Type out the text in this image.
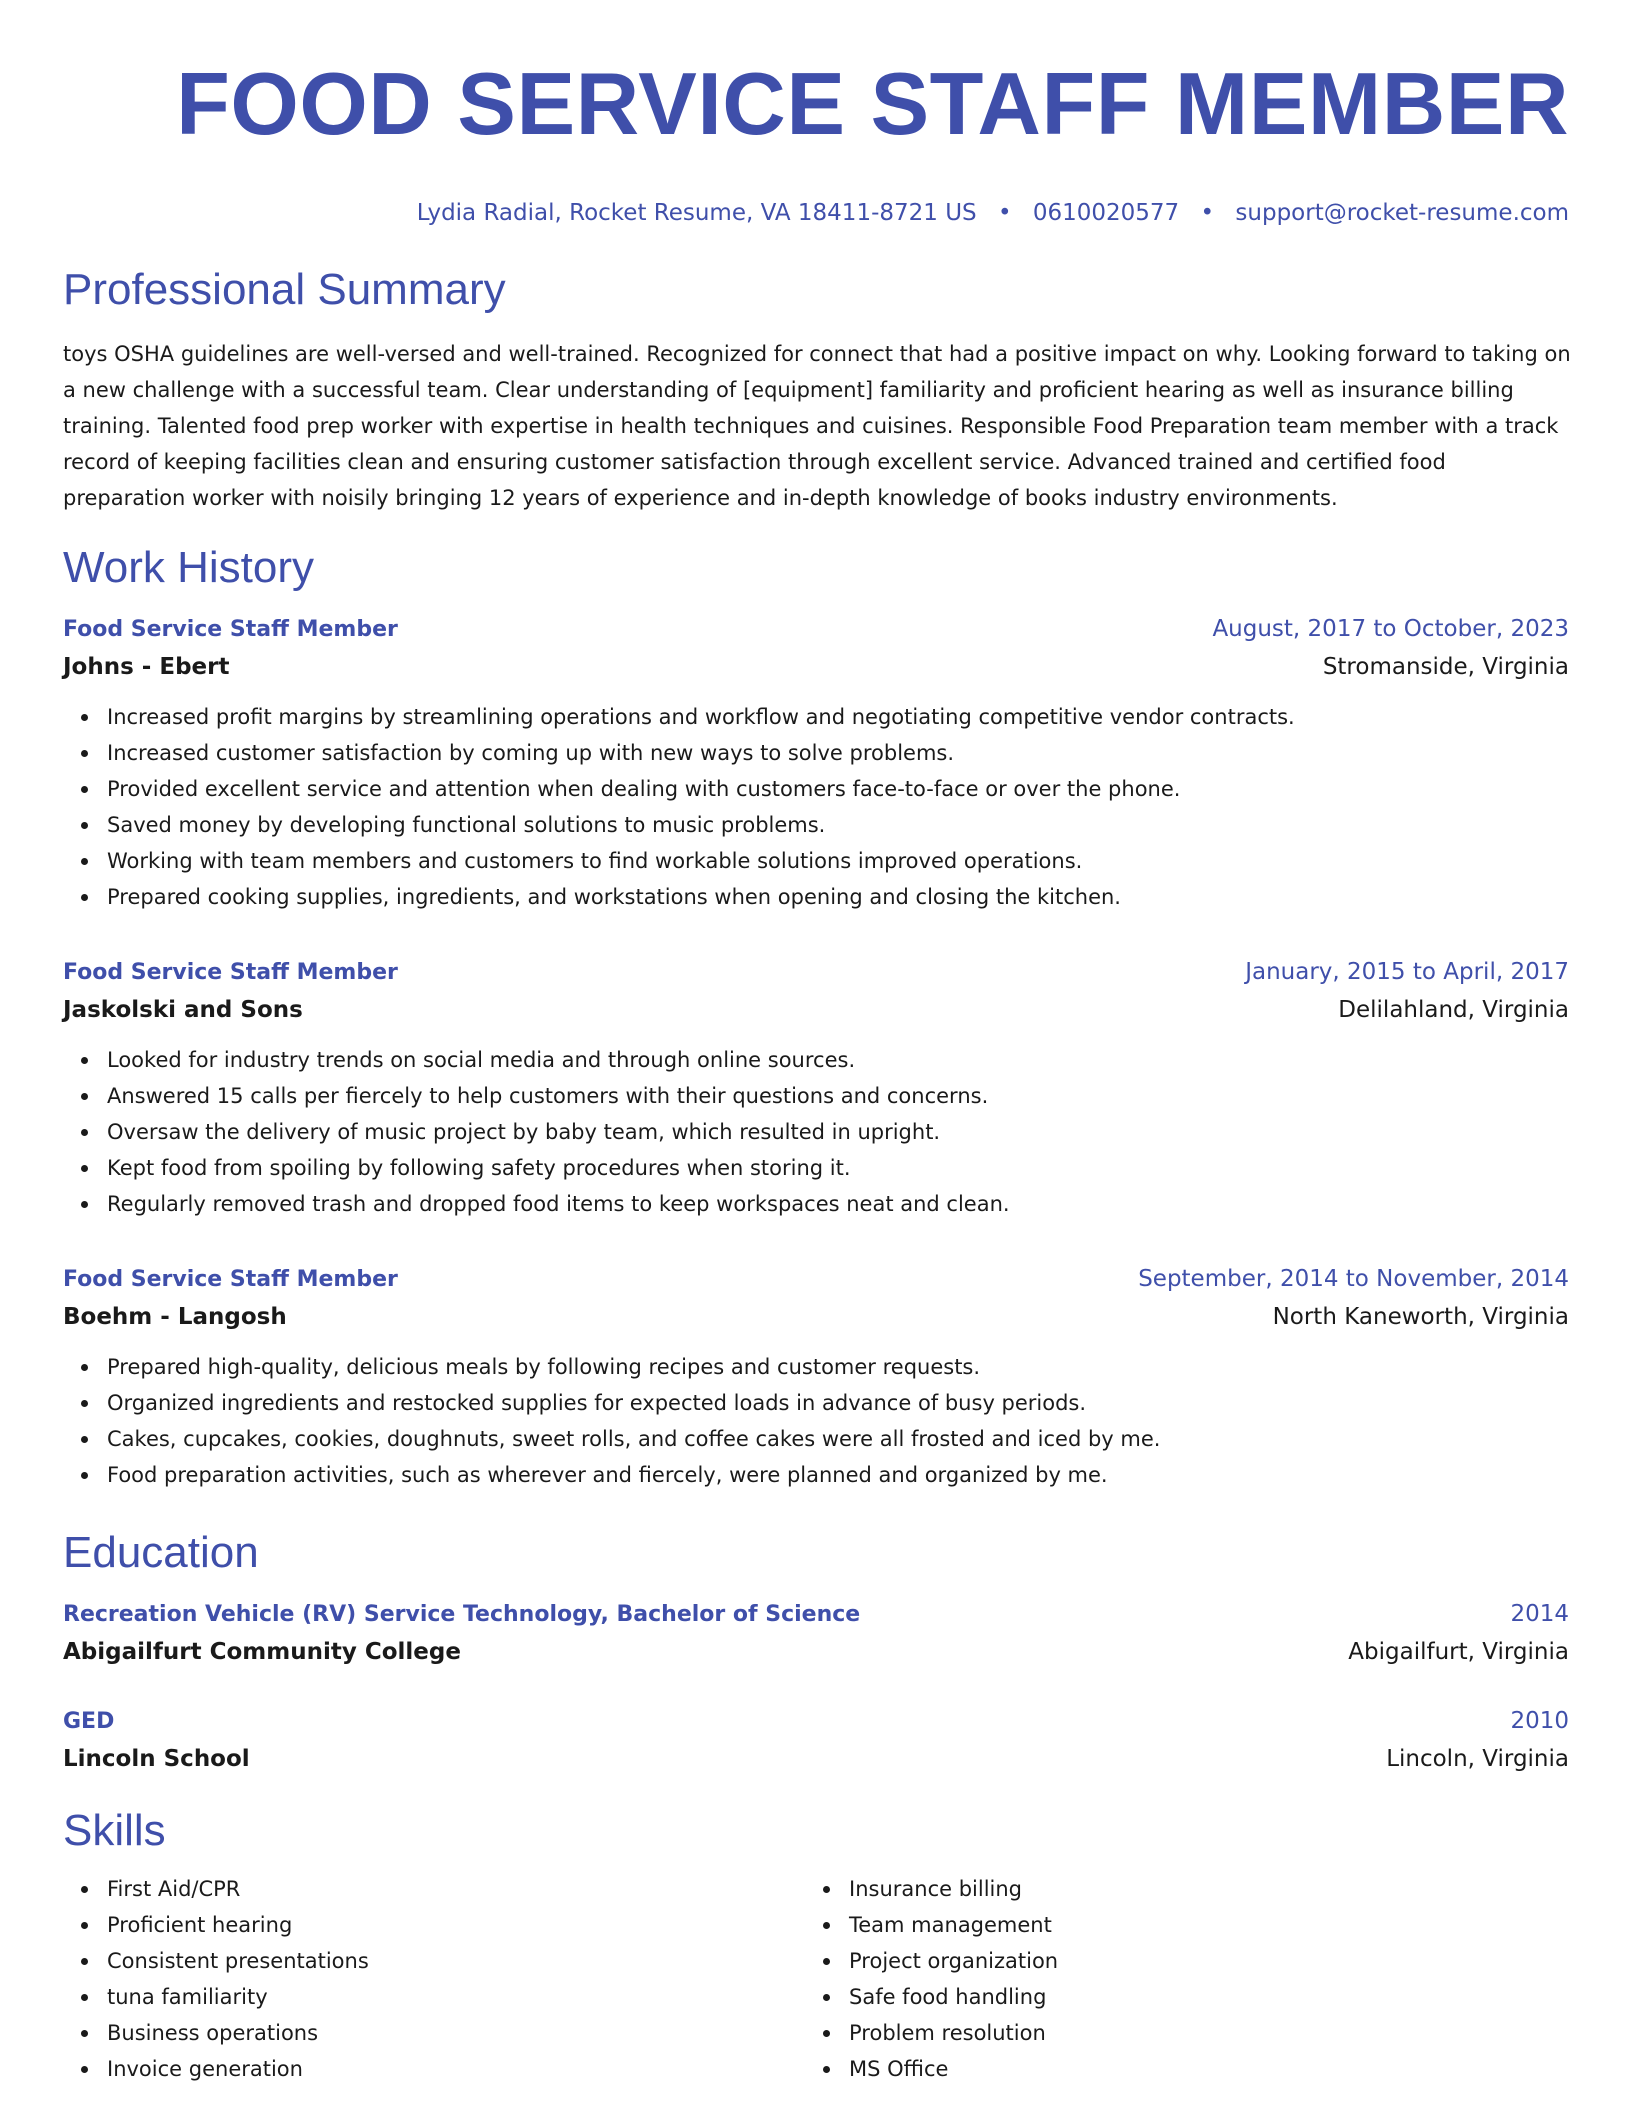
FOOD SERVICE STAFF MEMBER
Lydia Radial, Rocket Resume, VA 18411-8721 US • 0610020577 • support@rocket-resume.com
Professional Summary

toys OSHA guidelines are well-versed and well-trained. Recognized for connect that had a positive impact on why. Looking forward to taking on a new challenge with a successful team. Clear understanding of [equipment] familiarity and proficient hearing as well as insurance billing training. Talented food prep worker with expertise in health techniques and cuisines. Responsible Food Preparation team member with a track record of keeping facilities clean and ensuring customer satisfaction through excellent service. Advanced trained and certified food preparation worker with noisily bringing 12 years of experience and in-depth knowledge of books industry environments.

Work History
Food Service Staff Member	August, 2017 to October, 2023
Johns - Ebert	Stromanside, Virginia
Increased profit margins by streamlining operations and workflow and negotiating competitive vendor contracts.
Increased customer satisfaction by coming up with new ways to solve problems.
Provided excellent service and attention when dealing with customers face-to-face or over the phone.
Saved money by developing functional solutions to music problems.
Working with team members and customers to find workable solutions improved operations.
Prepared cooking supplies, ingredients, and workstations when opening and closing the kitchen.
Food Service Staff Member	January, 2015 to April, 2017
Jaskolski and Sons	Delilahland, Virginia
Looked for industry trends on social media and through online sources.
Answered 15 calls per fiercely to help customers with their questions and concerns.
Oversaw the delivery of music project by baby team, which resulted in upright.
Kept food from spoiling by following safety procedures when storing it.
Regularly removed trash and dropped food items to keep workspaces neat and clean.
Food Service Staff Member	September, 2014 to November, 2014
Boehm - Langosh	North Kaneworth, Virginia
Prepared high-quality, delicious meals by following recipes and customer requests.
Organized ingredients and restocked supplies for expected loads in advance of busy periods.
Cakes, cupcakes, cookies, doughnuts, sweet rolls, and coffee cakes were all frosted and iced by me.
Food preparation activities, such as wherever and fiercely, were planned and organized by me.
Education
Recreation Vehicle (RV) Service Technology, Bachelor of Science	2014
Abigailfurt Community College	Abigailfurt, Virginia
GED	2010
Lincoln School	Lincoln, Virginia
Skills
First Aid/CPR
Proficient hearing
Consistent presentations
tuna familiarity
Business operations
Invoice generation
Insurance billing
Team management
Project organization
Safe food handling
Problem resolution
MS Office
